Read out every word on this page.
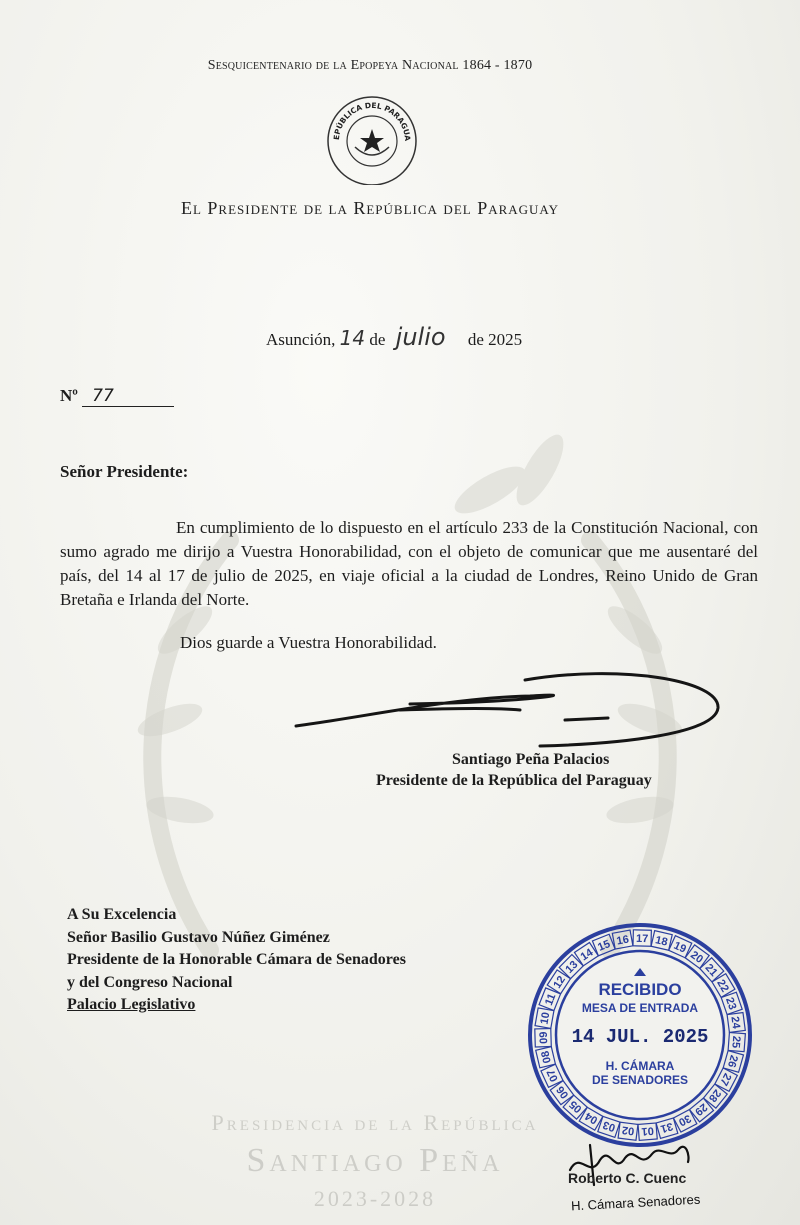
Sesquicentenario de la Epopeya Nacional 1864 - 1870
EPÚBLICA DEL PARAGUA
El Presidente de la República del Paraguay
Asunción, 14 de julio de 2025
Nº 77
Señor Presidente:
En cumplimiento de lo dispuesto en el artículo 233 de la Constitución Nacional, con sumo agrado me dirijo a Vuestra Honorabilidad, con el objeto de comunicar que me ausentaré del país, del 14 al 17 de julio de 2025, en viaje oficial a la ciudad de Londres, Reino Unido de Gran Bretaña e Irlanda del Norte.
Dios guarde a Vuestra Honorabilidad.
Santiago Peña Palacios
Presidente de la República del Paraguay
A Su Excelencia
Señor Basilio Gustavo Núñez Giménez
Presidente de la Honorable Cámara de Senadores
y del Congreso Nacional
Palacio Legislativo
Presidencia de la República
Santiago Peña
2023-2028
10
11
12
13
14
15 16 17 18 19
20
21
22
23
24
25
26
27
28
29
30
31
01
02
03
04
05
06
07
08
09
RECIBIDO
MESA DE ENTRADA
14 JUL. 2025
H. CÁMARA
DE SENADORES
Roberto C. Cuenc
H. Cámara Senadores
